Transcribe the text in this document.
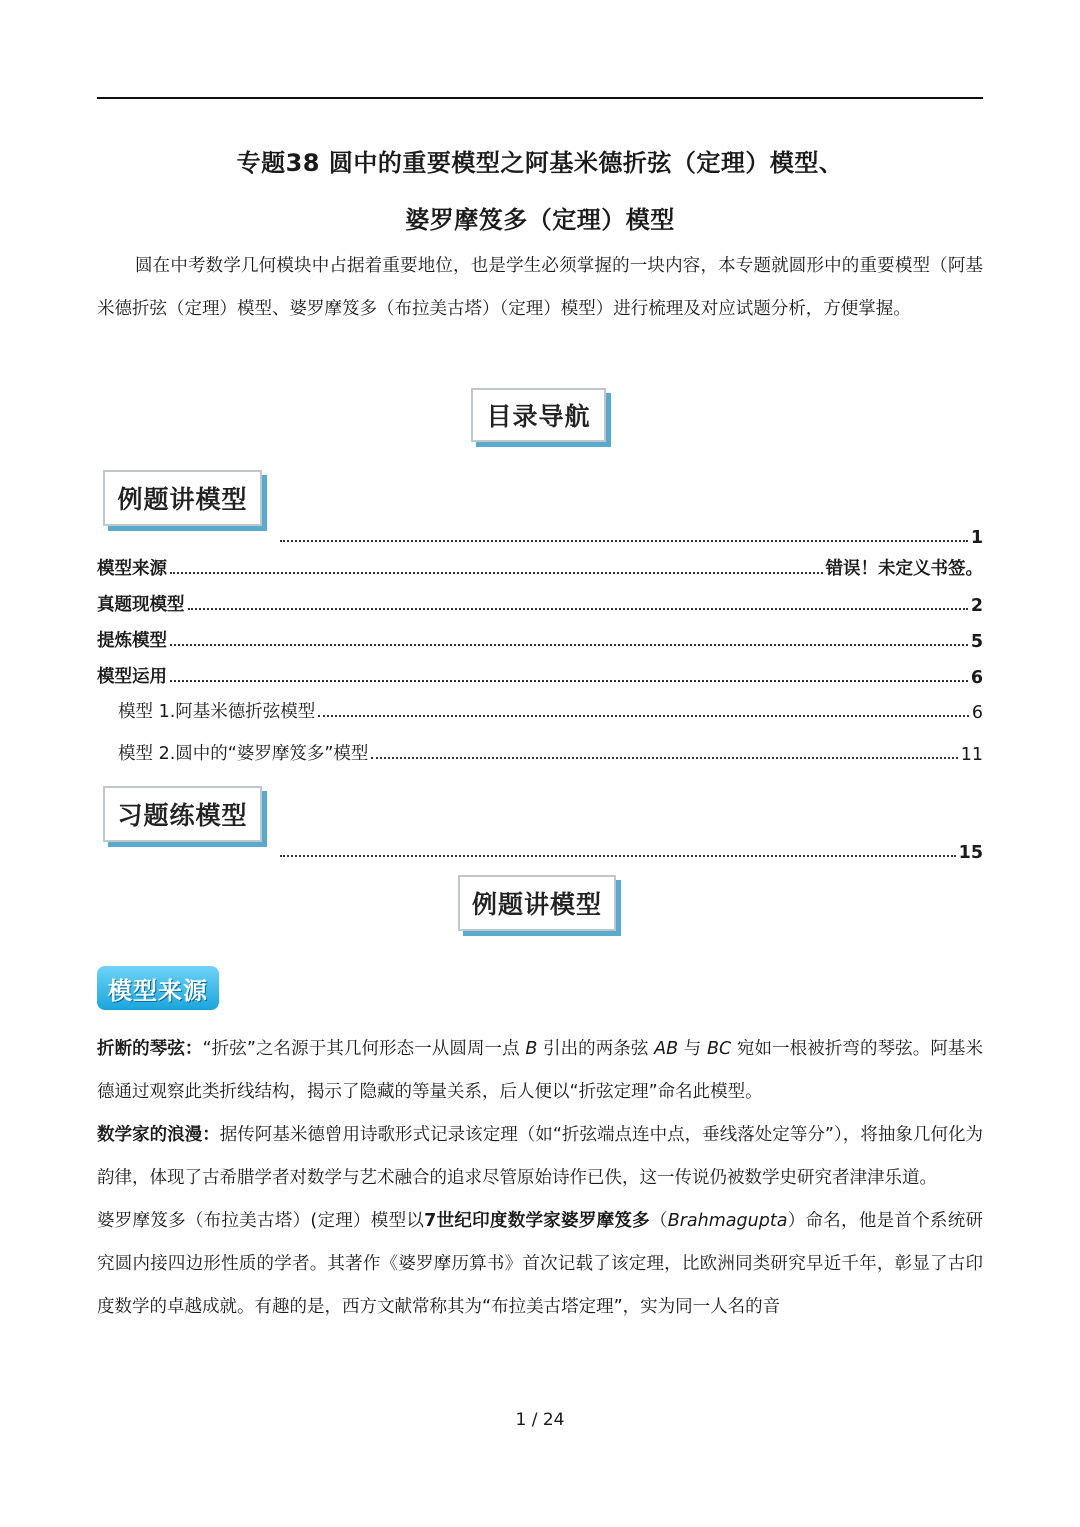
专题38 圆中的重要模型之阿基米德折弦（定理）模型、
婆罗摩笈多（定理）模型
圆在中考数学几何模块中占据着重要地位，也是学生必须掌握的一块内容，本专题就圆形中的重要模型（阿基米德折弦（定理）模型、婆罗摩笈多（布拉美古塔）（定理）模型）进行梳理及对应试题分析，方便掌握。
目录导航
例题讲模型
1
模型来源	错误！未定义书签。
真题现模型	2
提炼模型	5
模型运用	6
模型 1.阿基米德折弦模型	6
模型 2.圆中的“婆罗摩笈多”模型	11
习题练模型
15
例题讲模型
模型来源

折断的琴弦：“折弦”之名源于其几何形态一从圆周一点 B 引出的两条弦 AB 与 BC 宛如一根被折弯的琴弦。阿基米德通过观察此类折线结构，揭示了隐藏的等量关系，后人便以“折弦定理”命名此模型。

数学家的浪漫：据传阿基米德曾用诗歌形式记录该定理（如“折弦端点连中点，垂线落处定等分”），将抽象几何化为韵律，体现了古希腊学者对数学与艺术融合的追求尽管原始诗作已佚，这一传说仍被数学史研究者津津乐道。

婆罗摩笈多（布拉美古塔）(定理）模型以7世纪印度数学家婆罗摩笈多（Brahmagupta）命名，他是首个系统研究圆内接四边形性质的学者。其著作《婆罗摩历算书》首次记载了该定理，比欧洲同类研究早近千年，彰显了古印度数学的卓越成就。有趣的是，西方文献常称其为“布拉美古塔定理”，实为同一人名的音

1 / 24
